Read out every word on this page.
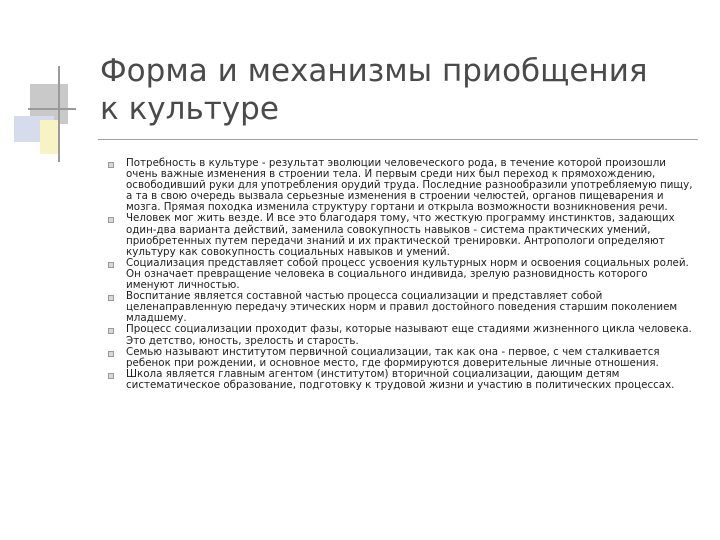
Форма и механизмы приобщения к культуре
Потребность в культуре - результат эволюции человеческого рода, в течение которой произошли очень важные изменения в строении тела. И первым среди них был переход к прямохождению, освободивший руки для употребления орудий труда. Последние разнообразили употребляемую пищу, а та в свою очередь вызвала серьезные изменения в строении челюстей, органов пищеварения и мозга. Прямая походка изменила структуру гортани и открыла возможности возникновения речи.
Человек мог жить везде. И все это благодаря тому, что жесткую программу инстинктов, задающих один-два варианта действий, заменила совокупность навыков - система практических умений, приобретенных путем передачи знаний и их практической тренировки. Антропологи определяют культуру как совокупность социальных навыков и умений.
Социализация представляет собой процесс усвоения культурных норм и освоения социальных ролей. Он означает превращение человека в социального индивида, зрелую разновидность которого именуют личностью.
Воспитание является составной частью процесса социализации и представляет собой целенаправленную передачу этических норм и правил достойного поведения старшим поколением младшему.
Процесс социализации проходит фазы, которые называют еще стадиями жизненного цикла человека. Это детство, юность, зрелость и старость.
Семью называют институтом первичной социализации, так как она - первое, с чем сталкивается ребенок при рождении, и основное место, где формируются доверительные личные отношения.
Школа является главным агентом (институтом) вторичной социализации, дающим детям систематическое образование, подготовку к трудовой жизни и участию в политических процессах.
